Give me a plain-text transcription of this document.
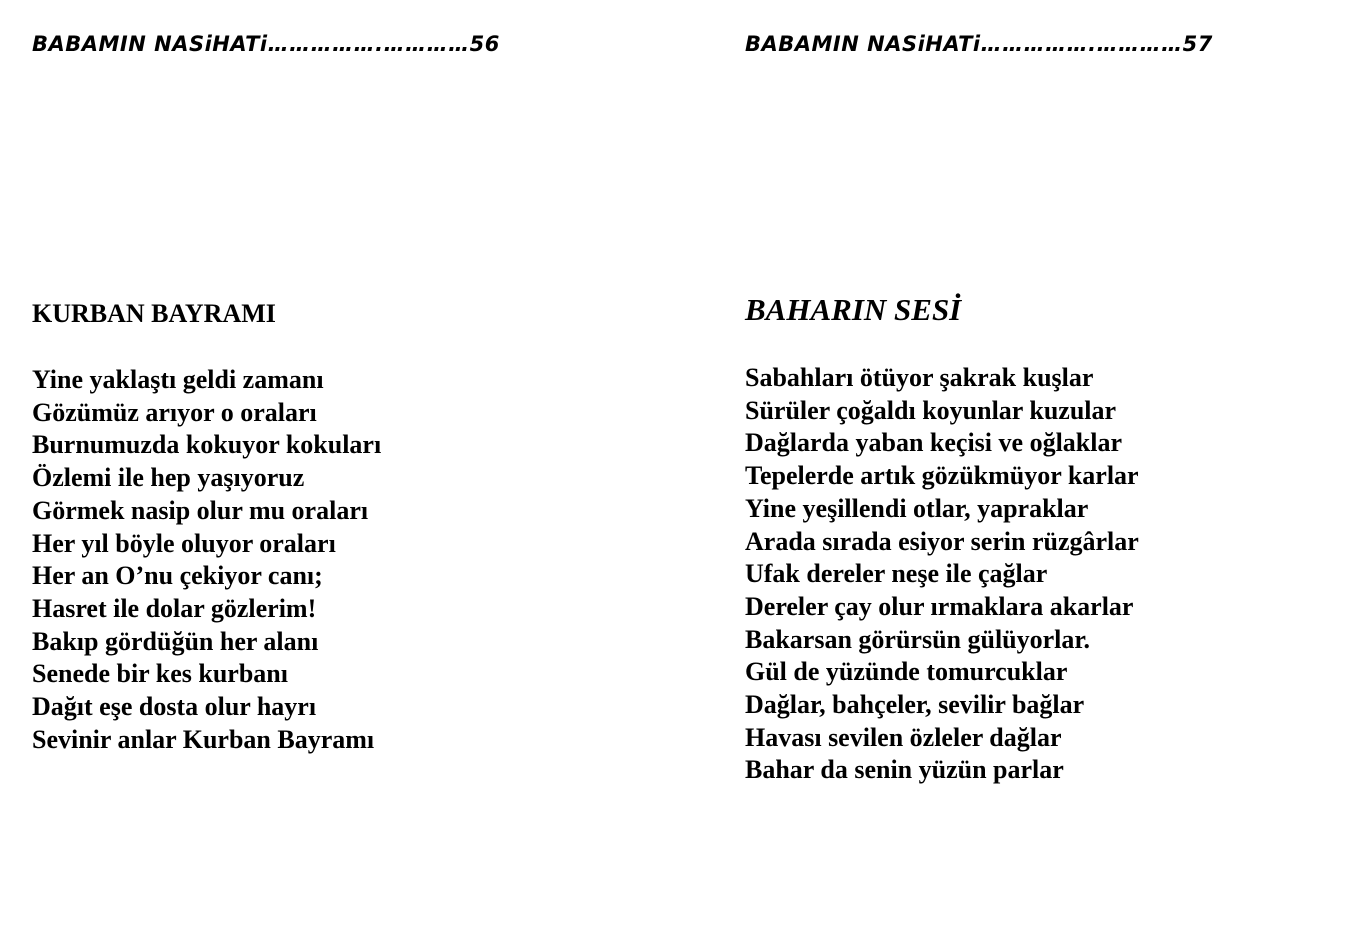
BABAMIN NASiHATi…………….…………56
KURBAN BAYRAMI
Yine yaklaştı geldi zamanı
Gözümüz arıyor o oraları
Burnumuzda kokuyor kokuları
Özlemi ile hep yaşıyoruz
Görmek nasip olur mu oraları
Her yıl böyle oluyor oraları
Her an O’nu çekiyor canı;
Hasret ile dolar gözlerim!
Bakıp gördüğün her alanı
Senede bir kes kurbanı
Dağıt eşe dosta olur hayrı
Sevinir anlar Kurban Bayramı
BABAMIN NASiHATi…………….…………57
BAHARIN SESİ
Sabahları ötüyor şakrak kuşlar
Sürüler çoğaldı koyunlar kuzular
Dağlarda yaban keçisi ve oğlaklar
Tepelerde artık gözükmüyor karlar
Yine yeşillendi otlar, yapraklar
Arada sırada esiyor serin rüzgârlar
Ufak dereler neşe ile çağlar
Dereler çay olur ırmaklara akarlar
Bakarsan görürsün gülüyorlar.
Gül de yüzünde tomurcuklar
Dağlar, bahçeler, sevilir bağlar
Havası sevilen özleler dağlar
Bahar da senin yüzün parlar
